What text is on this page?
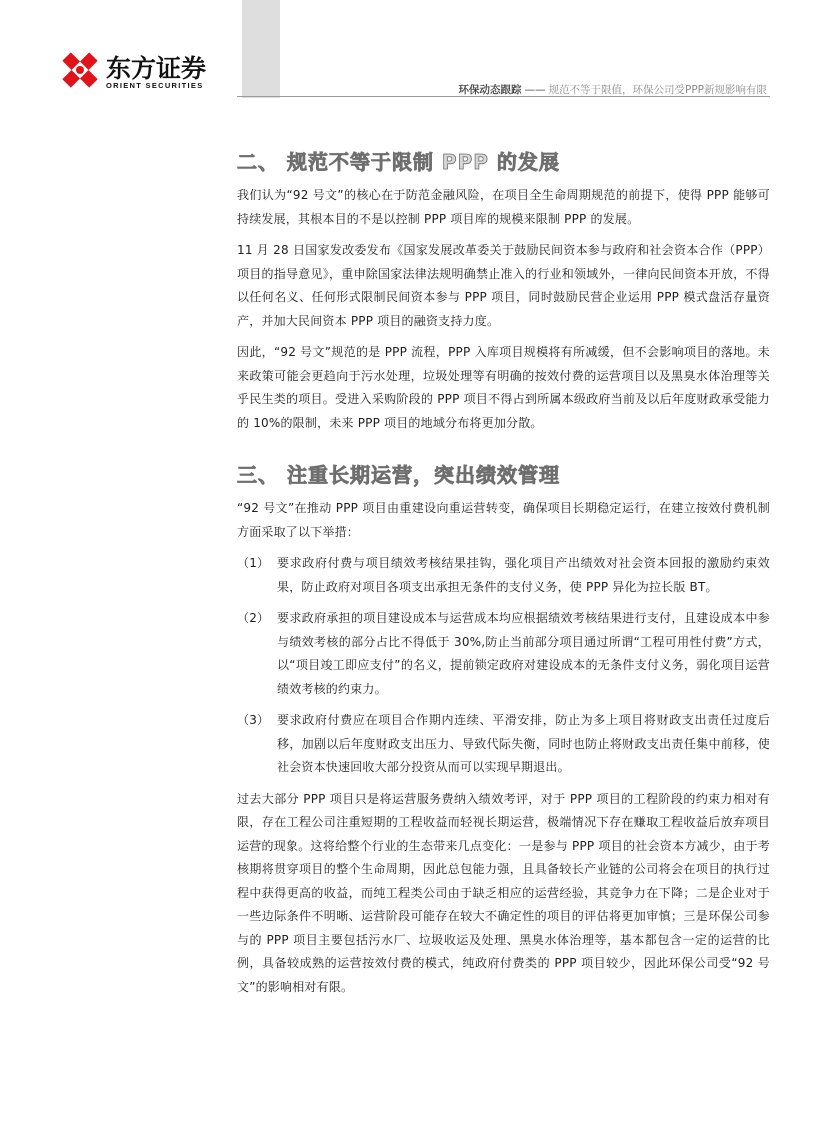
东方证券
ORIENT SECURITIES	环保动态跟踪 —— 规范不等于限值，环保公司受PPP新规影响有限
二、 规范不等于限制 PPP 的发展

我们认为“92 号文”的核心在于防范金融风险，在项目全生命周期规范的前提下，使得 PPP 能够可持续发展，其根本目的不是以控制 PPP 项目库的规模来限制 PPP 的发展。

11 月 28 日国家发改委发布《国家发展改革委关于鼓励民间资本参与政府和社会资本合作（PPP）项目的指导意见》，重申除国家法律法规明确禁止准入的行业和领域外，一律向民间资本开放，不得以任何名义、任何形式限制民间资本参与 PPP 项目，同时鼓励民营企业运用 PPP 模式盘活存量资产，并加大民间资本 PPP 项目的融资支持力度。

因此，“92 号文”规范的是 PPP 流程，PPP 入库项目规模将有所减缓，但不会影响项目的落地。未来政策可能会更趋向于污水处理，垃圾处理等有明确的按效付费的运营项目以及黑臭水体治理等关乎民生类的项目。受进入采购阶段的 PPP 项目不得占到所属本级政府当前及以后年度财政承受能力的 10%的限制，未来 PPP 项目的地域分布将更加分散。

三、 注重长期运营，突出绩效管理

“92 号文”在推动 PPP 项目由重建设向重运营转变，确保项目长期稳定运行，在建立按效付费机制方面采取了以下举措：

（1） 要求政府付费与项目绩效考核结果挂钩，强化项目产出绩效对社会资本回报的激励约束效果，防止政府对项目各项支出承担无条件的支付义务，使 PPP 异化为拉长版 BT。
（2） 要求政府承担的项目建设成本与运营成本均应根据绩效考核结果进行支付，且建设成本中参与绩效考核的部分占比不得低于 30%,防止当前部分项目通过所谓“工程可用性付费”方式，以“项目竣工即应支付”的名义，提前锁定政府对建设成本的无条件支付义务，弱化项目运营绩效考核的约束力。
（3） 要求政府付费应在项目合作期内连续、平滑安排，防止为多上项目将财政支出责任过度后移，加剧以后年度财政支出压力、导致代际失衡，同时也防止将财政支出责任集中前移，使社会资本快速回收大部分投资从而可以实现早期退出。

过去大部分 PPP 项目只是将运营服务费纳入绩效考评，对于 PPP 项目的工程阶段的约束力相对有限，存在工程公司注重短期的工程收益而轻视长期运营，极端情况下存在赚取工程收益后放弃项目运营的现象。这将给整个行业的生态带来几点变化：一是参与 PPP 项目的社会资本方减少，由于考核期将贯穿项目的整个生命周期，因此总包能力强，且具备较长产业链的公司将会在项目的执行过程中获得更高的收益，而纯工程类公司由于缺乏相应的运营经验，其竞争力在下降；二是企业对于一些边际条件不明晰、运营阶段可能存在较大不确定性的项目的评估将更加审慎；三是环保公司参与的 PPP 项目主要包括污水厂、垃圾收运及处理、黑臭水体治理等，基本都包含一定的运营的比例，具备较成熟的运营按效付费的模式，纯政府付费类的 PPP 项目较少，因此环保公司受“92 号文”的影响相对有限。
